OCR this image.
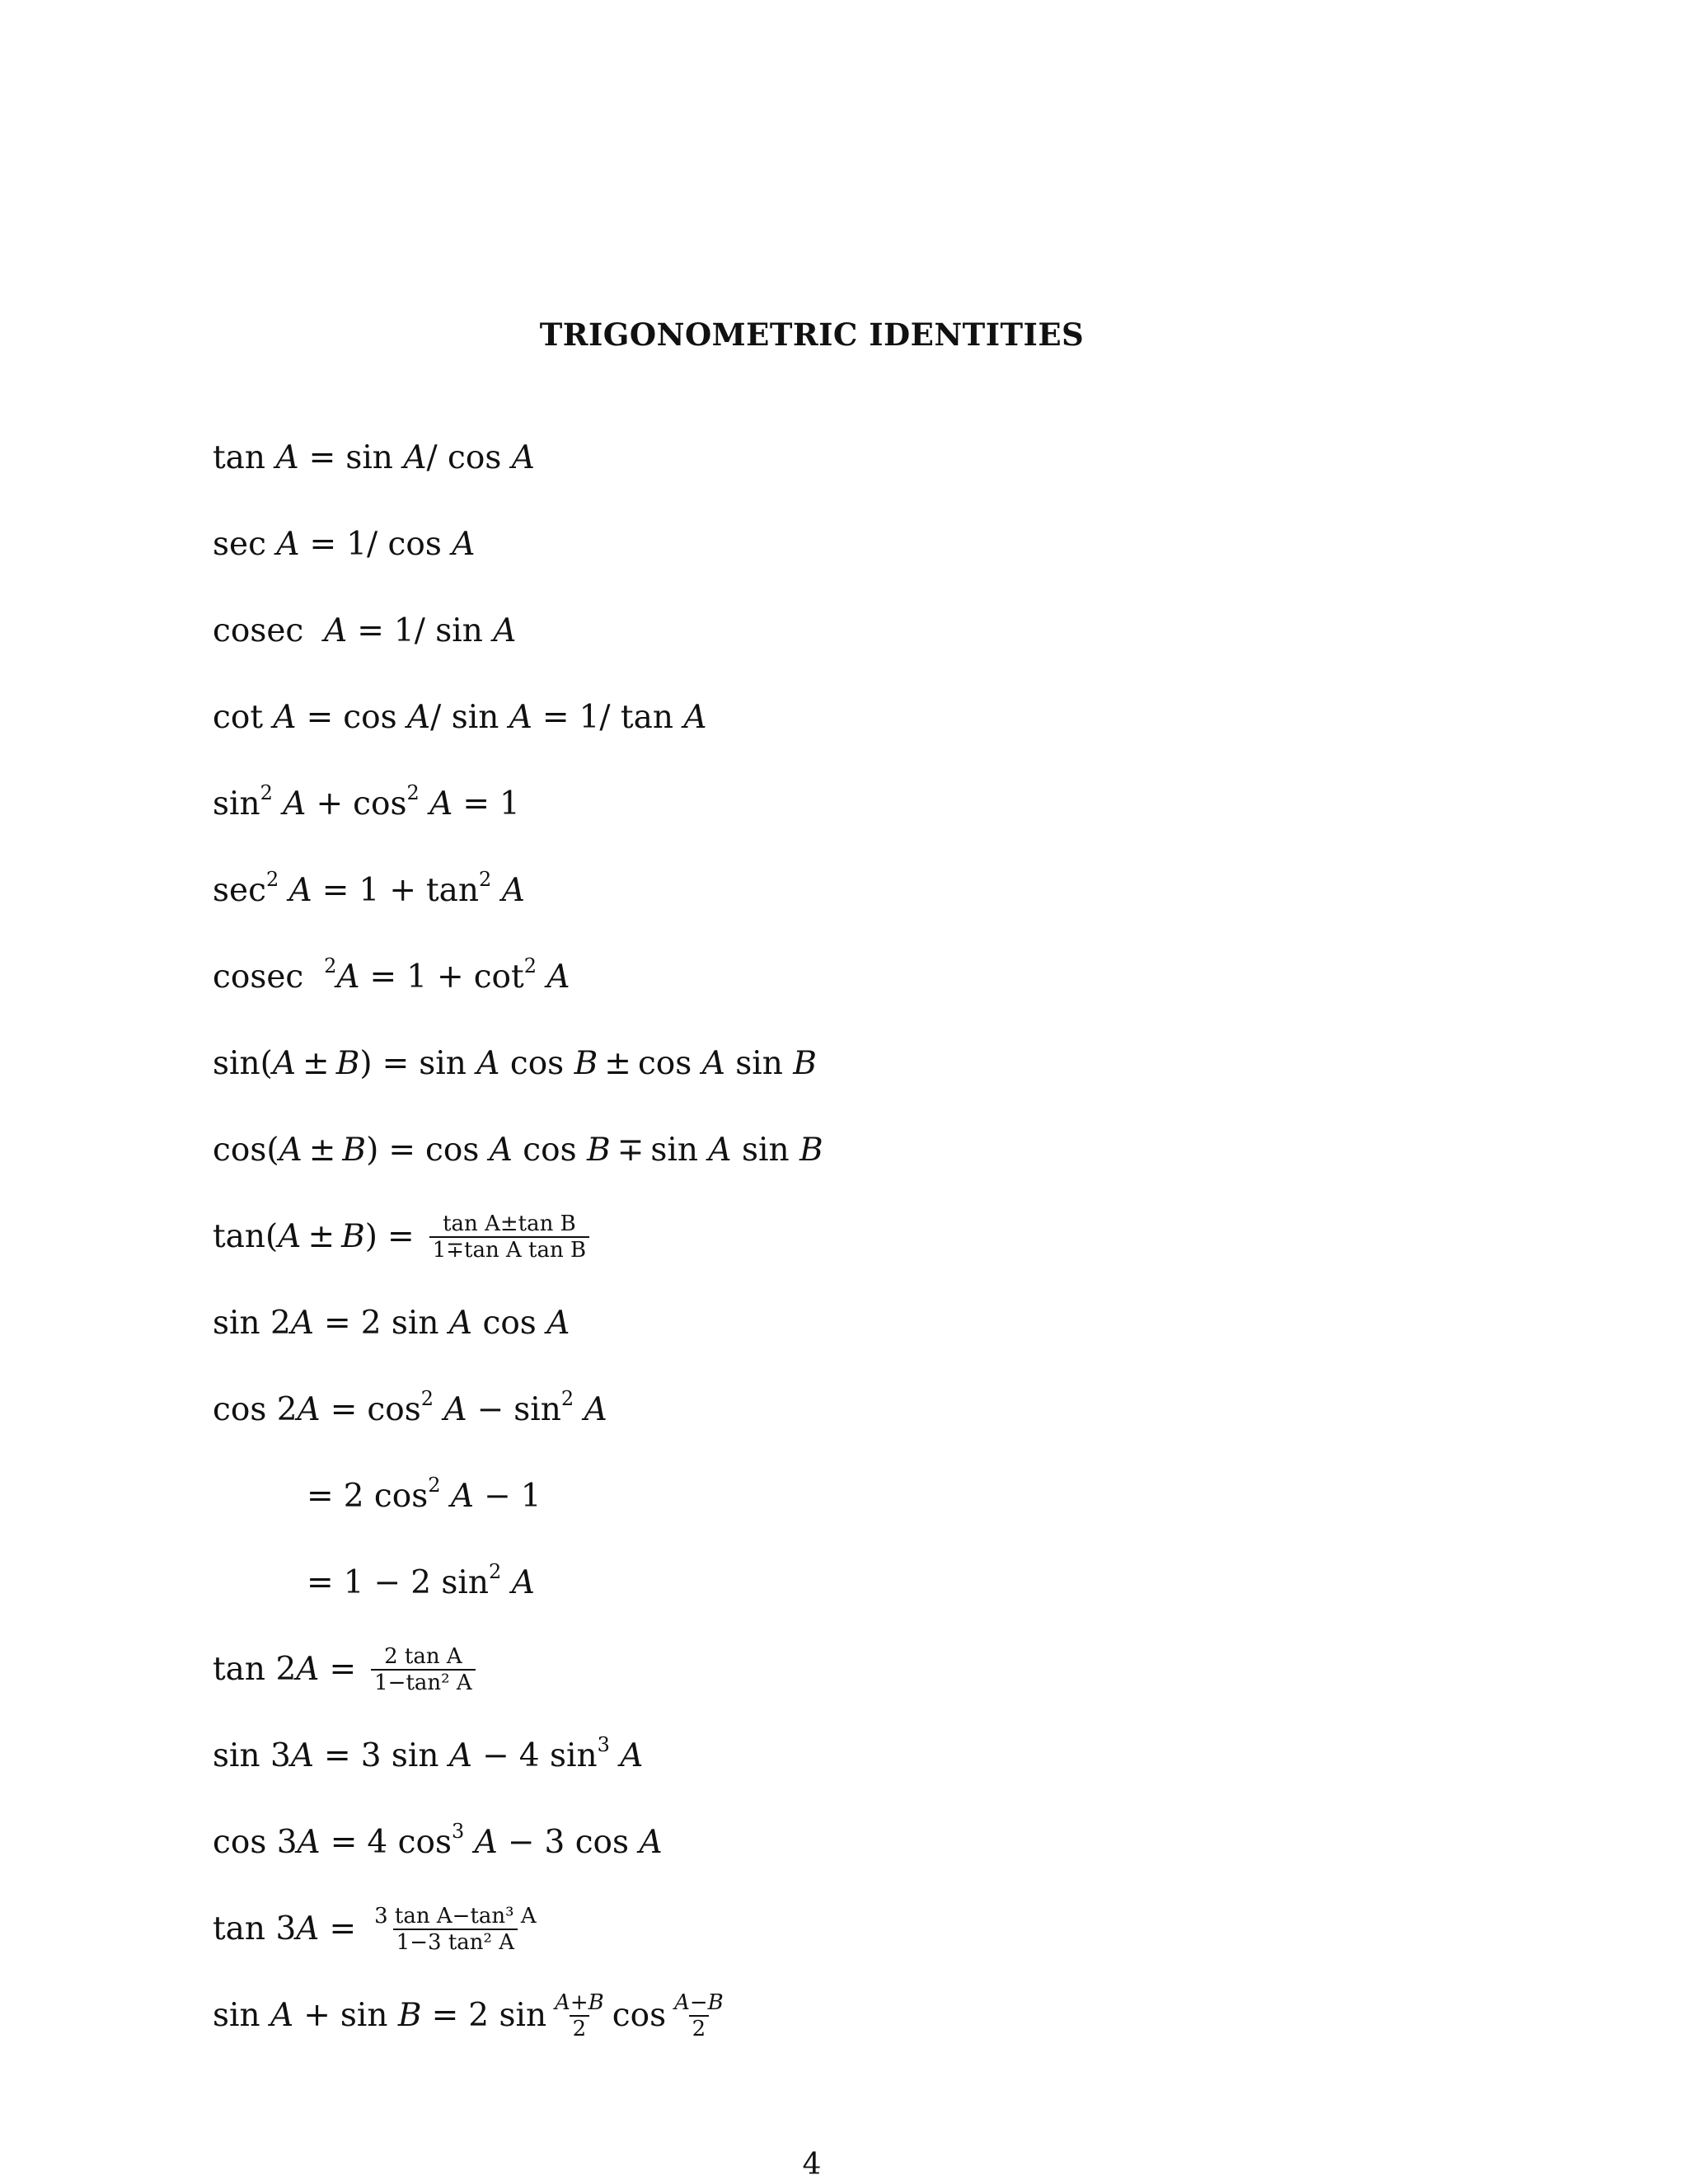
TRIGONOMETRIC IDENTITIES
tan A = sin A / cos A
sec A = 1/ cos A
cosec A = 1/ sin A
cot A = cos A / sin A = 1/ tan A
$\sin^2 A + \cos^2 A = 1$
$\sec^2 A = 1 + \tan^2 A$
cosec  $^2$ $A = 1 + \cot^2 A$
sin( A ± B ) = sin A cos B ± cos A sin B
cos( A ± B ) = cos A cos B ∓ sin A sin B
tan( A ± B ) = $\frac{\text{tan A±tan B}}{\text{1∓tan A tan B}}$
sin 2 A = 2 sin A cos A
cos 2 $A = \cos^2 A - \sin^2 A$
= 2 $\cos^2 A - 1$
= 1 − 2 $\sin^2 A$
tan 2 $A = \frac{\text{2 tan A}}{\text{1−tan² A}}$
sin 3 A = 3 sin A − 4 $\sin^3 A$
cos 3 A = 4 $\cos^3 A - 3$ cos A
tan 3 $A = \frac{\text{3 tan A−tan³ A}}{\text{1−3 tan² A}}$
sin A + sin B = 2 $\sin \frac{A+B}{2}$ $\cos \frac{A-B}{2}$
4
